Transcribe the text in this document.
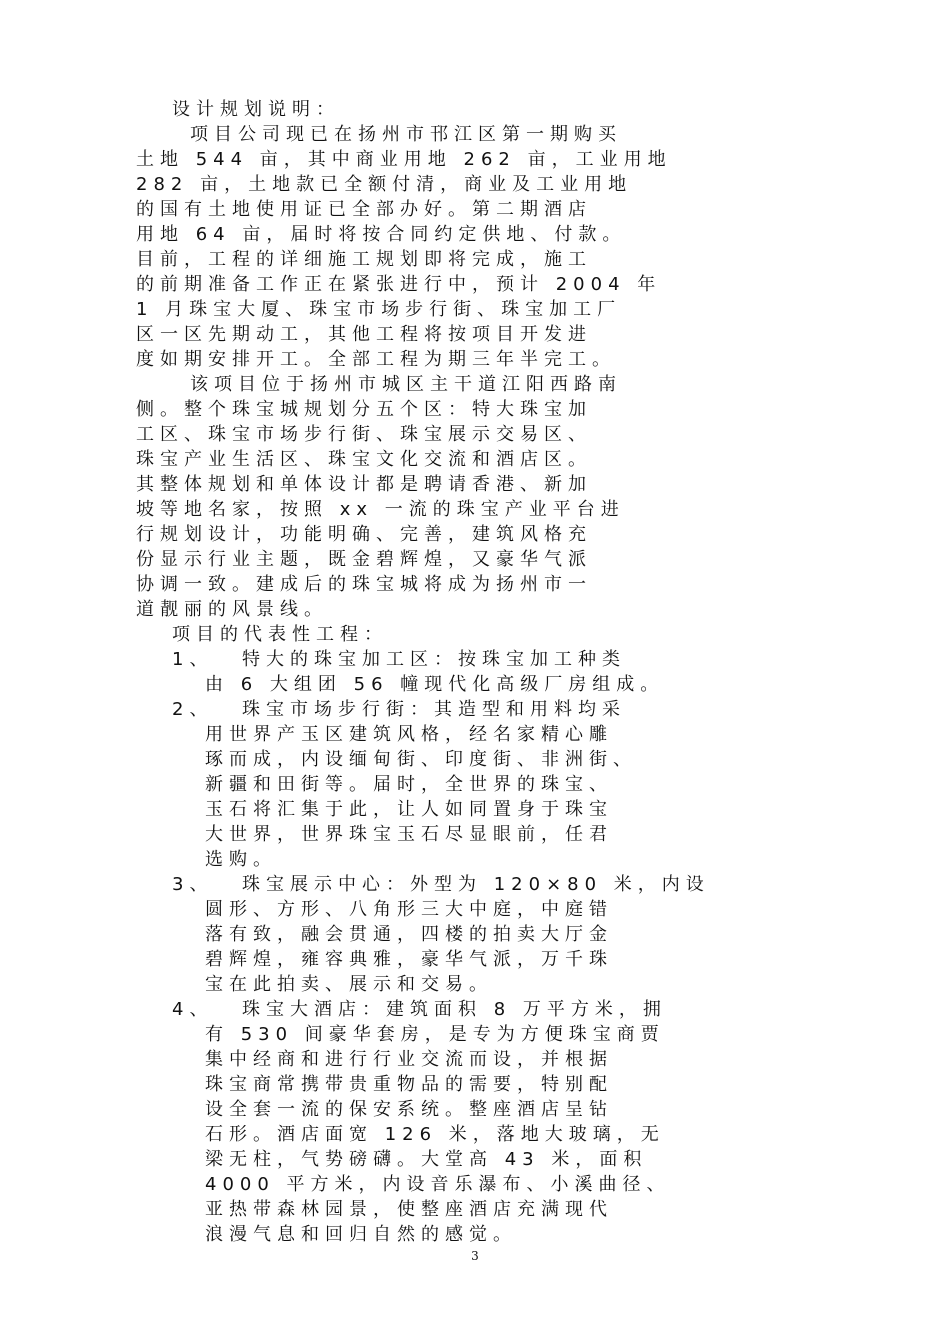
设计规划说明：
项目公司现已在扬州市邗江区第一期购买
土地 544 亩，其中商业用地 262 亩，工业用地
282 亩，土地款已全额付清，商业及工业用地
的国有土地使用证已全部办好。第二期酒店
用地 64 亩，届时将按合同约定供地、付款。
目前，工程的详细施工规划即将完成，施工
的前期准备工作正在紧张进行中，预计 2004 年
1 月珠宝大厦、珠宝市场步行街、珠宝加工厂
区一区先期动工，其他工程将按项目开发进
度如期安排开工。全部工程为期三年半完工。
该项目位于扬州市城区主干道江阳西路南
侧。整个珠宝城规划分五个区：特大珠宝加
工区、珠宝市场步行街、珠宝展示交易区、
珠宝产业生活区、珠宝文化交流和酒店区。
其整体规划和单体设计都是聘请香港、新加
坡等地名家，按照 xx 一流的珠宝产业平台进
行规划设计，功能明确、完善，建筑风格充
份显示行业主题，既金碧辉煌，又豪华气派
协调一致。建成后的珠宝城将成为扬州市一
道靓丽的风景线。
项目的代表性工程：
1、 特大的珠宝加工区：按珠宝加工种类
由 6 大组团 56 幢现代化高级厂房组成。
2、 珠宝市场步行街：其造型和用料均采
用世界产玉区建筑风格，经名家精心雕
琢而成，内设缅甸街、印度街、非洲街、
新疆和田街等。届时，全世界的珠宝、
玉石将汇集于此，让人如同置身于珠宝
大世界，世界珠宝玉石尽显眼前，任君
选购。
3、 珠宝展示中心：外型为 120×80 米，内设
圆形、方形、八角形三大中庭，中庭错
落有致，融会贯通，四楼的拍卖大厅金
碧辉煌，雍容典雅，豪华气派，万千珠
宝在此拍卖、展示和交易。
4、 珠宝大酒店：建筑面积 8 万平方米，拥
有 530 间豪华套房，是专为方便珠宝商贾
集中经商和进行行业交流而设，并根据
珠宝商常携带贵重物品的需要，特别配
设全套一流的保安系统。整座酒店呈钻
石形。酒店面宽 126 米，落地大玻璃，无
梁无柱，气势磅礴。大堂高 43 米，面积
4000 平方米，内设音乐瀑布、小溪曲径、
亚热带森林园景，使整座酒店充满现代
浪漫气息和回归自然的感觉。
3
